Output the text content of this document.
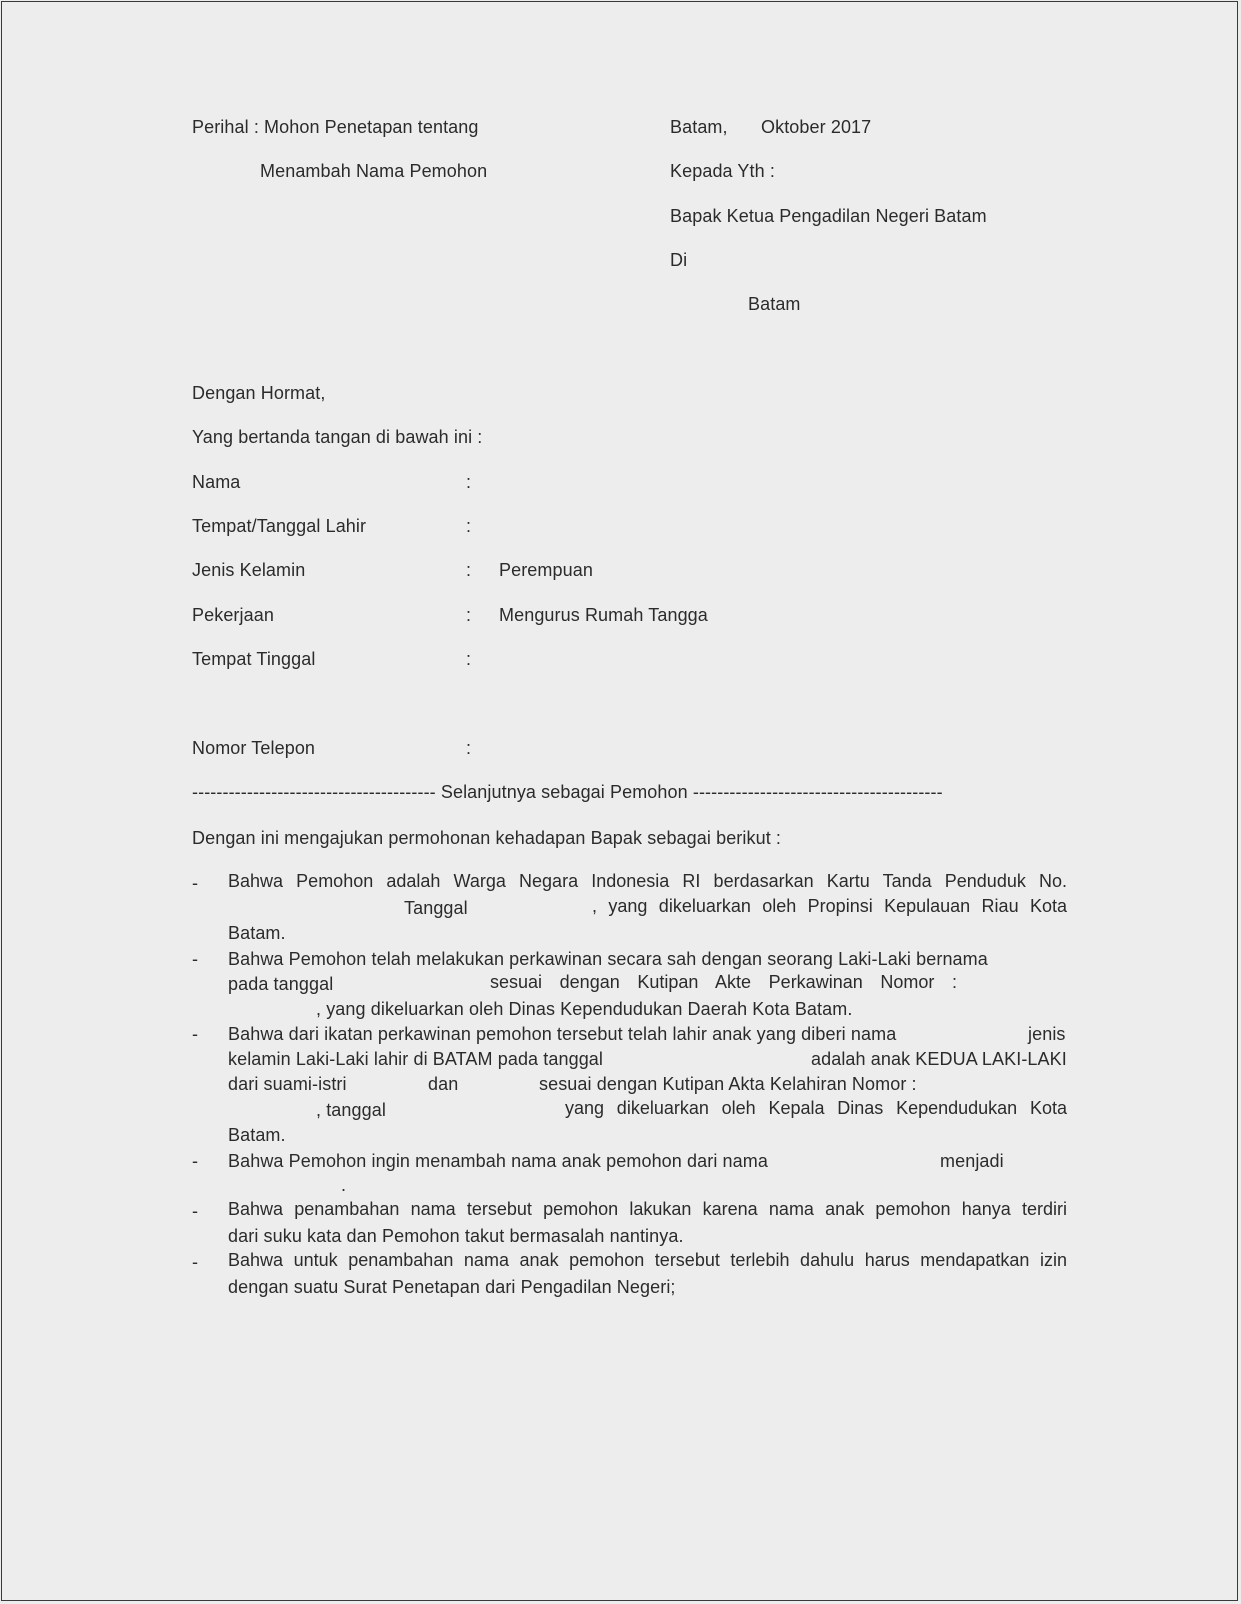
Perihal : Mohon Penetapan tentang
Menambah Nama Pemohon
Batam, Oktober 2017
Kepada Yth :
Bapak Ketua Pengadilan Negeri Batam
Di
Batam
Dengan Hormat,
Yang bertanda tangan di bawah ini :
Nama	:
Tempat/Tanggal Lahir	:
Jenis Kelamin	: Perempuan
Pekerjaan	: Mengurus Rumah Tangga
Tempat Tinggal	:
Nomor Telepon	:
---------------------------------------- Selanjutnya sebagai Pemohon -----------------------------------------
Dengan ini mengajukan permohonan kehadapan Bapak sebagai berikut :
- Bahwa Pemohon adalah Warga Negara Indonesia RI berdasarkan Kartu Tanda Penduduk No.
Tanggal	, yang dikeluarkan oleh Propinsi Kepulauan Riau Kota
Batam.
- Bahwa Pemohon telah melakukan perkawinan secara sah dengan seorang Laki-Laki bernama
pada tanggal	sesuai dengan Kutipan Akte Perkawinan Nomor :
, yang dikeluarkan oleh Dinas Kependudukan Daerah Kota Batam.
- Bahwa dari ikatan perkawinan pemohon tersebut telah lahir anak yang diberi nama	jenis
kelamin Laki-Laki lahir di BATAM pada tanggal	adalah anak KEDUA LAKI-LAKI
dari suami-istri	dan	sesuai dengan Kutipan Akta Kelahiran Nomor :
, tanggal	yang dikeluarkan oleh Kepala Dinas Kependudukan Kota
Batam.
- Bahwa Pemohon ingin menambah nama anak pemohon dari nama	menjadi
.
- Bahwa penambahan nama tersebut pemohon lakukan karena nama anak pemohon hanya terdiri
dari suku kata dan Pemohon takut bermasalah nantinya.
- Bahwa untuk penambahan nama anak pemohon tersebut terlebih dahulu harus mendapatkan izin
dengan suatu Surat Penetapan dari Pengadilan Negeri;
